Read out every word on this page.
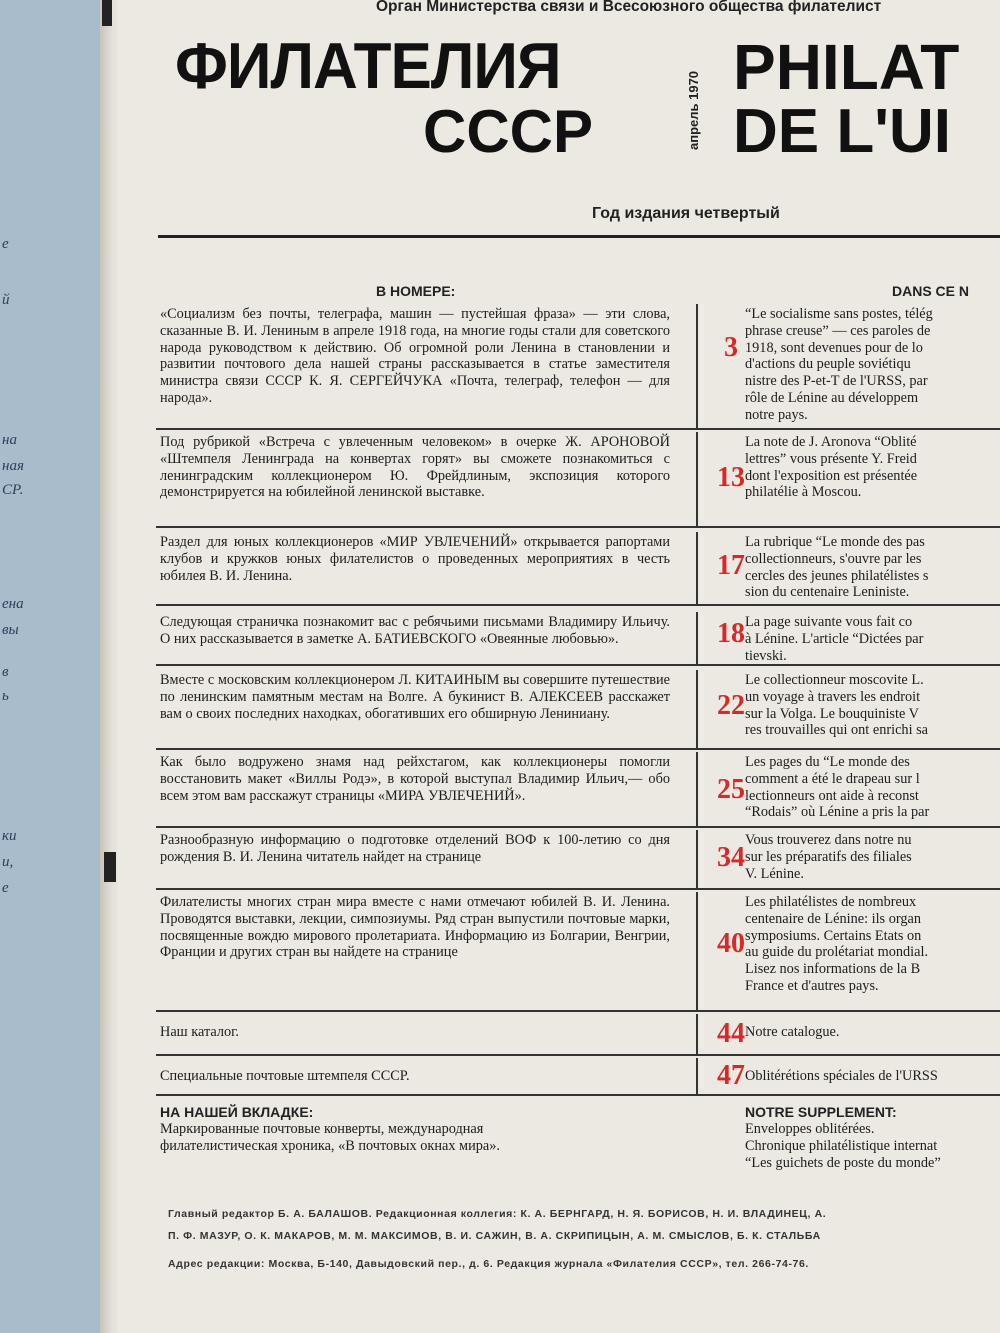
e
й
на
ная
СР.
ена
вы
в
ь
ки
и,
е
Орган Министерства связи и Всесоюзного общества филателист
ФИЛАТЕЛИЯ
СССР	апрель 1970
PHILAT
DE L'UI
Год издания четвертый
В НОМЕРЕ:	DANS CE N
«Социализм без почты, телеграфа, машин — пустейшая фраза» — эти слова, сказанные В. И. Лениным в апреле 1918 года, на многие годы стали для советского народа руководством к действию. Об огромной роли Ленина в становлении и развитии почтового дела нашей страны рассказывается в статье заместителя министра связи СССР К. Я. СЕРГЕЙЧУКА «Почта, телеграф, телефон — для народа».
3
“Le socialisme sans postes, télég
phrase creuse” — ces paroles de
1918, sont devenues pour de lo
d'actions du peuple soviétiqu
nistre des P-et-T de l'URSS, par
rôle de Lénine au développem
notre pays.
Под рубрикой «Встреча с увлеченным человеком» в очерке Ж. АРОНОВОЙ «Штемпеля Ленинграда на конвертах горят» вы сможете познакомиться с ленинградским коллекционером Ю. Фрейдлиным, экспозиция которого демонстрируется на юбилейной ленинской выставке.	13
La note de J. Aronova “Oblité
lettres” vous présente Y. Freid
dont l'exposition est présentée
philatélie à Moscou.
Раздел для юных коллекционеров «МИР УВЛЕЧЕНИЙ» открывается рапортами клубов и кружков юных филателистов о проведенных мероприятиях в честь юбилея В. И. Ленина.	17
La rubrique “Le monde des pas
collectionneurs, s'ouvre par les
cercles des jeunes philatélistes s
sion du centenaire Leniniste.
Следующая страничка познакомит вас с ребячьими письмами Владимиру Ильичу. О них рассказывается в заметке А. БАТИЕВСКОГО «Овеянные любовью».	18 La page suivante vous fait co
à Lénine. L'article “Dictées par
tievski.
Вместе с московским коллекционером Л. КИТАИНЫМ вы совершите путешествие по ленинским памятным местам на Волге. А букинист В. АЛЕКСЕЕВ расскажет вам о своих последних находках, обогативших его обширную Лениниану.	22
Le collectionneur moscovite L.
un voyage à travers les endroit
sur la Volga. Le bouquiniste V
res trouvailles qui ont enrichi sa
Как было водружено знамя над рейхстагом, как коллекционеры помогли восстановить макет «Виллы Родэ», в которой выступал Владимир Ильич,— обо всем этом вам расскажут страницы «МИРА УВЛЕЧЕНИЙ».	25
Les pages du “Le monde des
comment a été le drapeau sur l
lectionneurs ont aide à reconst
“Rodais” où Lénine a pris la par
Разнообразную информацию о подготовке отделений ВОФ к 100-летию со дня рождения В. И. Ленина читатель найдет на странице	34
Vous trouverez dans notre nu
sur les préparatifs des filiales
V. Lénine.
Филателисты многих стран мира вместе с нами отмечают юбилей В. И. Ленина. Проводятся выставки, лекции, симпозиумы. Ряд стран выпустили почтовые марки, посвященные вождю мирового пролетариата. Информацию из Болгарии, Венгрии, Франции и других стран вы найдете на странице	40
Les philatélistes de nombreux
centenaire de Lénine: ils organ
symposiums. Certains Etats on
au guide du prolétariat mondial.
Lisez nos informations de la B
France et d'autres pays.
Наш каталог.	44 Notre catalogue.
Специальные почтовые штемпеля СССР.	47 Oblitérétions spéciales de l'URSS
НА НАШЕЙ ВКЛАДКЕ:
Маркированные почтовые конверты, международная филателистическая хроника, «В почтовых окнах мира».
NOTRE SUPPLEMENT:
Enveloppes oblitérées.
Chronique philatélistique internat
“Les guichets de poste du monde”
Главный редактор Б. А. БАЛАШОВ. Редакционная коллегия: К. А. БЕРНГАРД, Н. Я. БОРИСОВ, Н. И. ВЛАДИНЕЦ, А.
П. Ф. МАЗУР, О. К. МАКАРОВ, М. М. МАКСИМОВ, В. И. САЖИН, В. А. СКРИПИЦЫН, А. М. СМЫСЛОВ, Б. К. СТАЛЬБА
Адрес редакции: Москва, Б-140, Давыдовский пер., д. 6. Редакция журнала «Филателия СССР», тел. 266-74-76.
